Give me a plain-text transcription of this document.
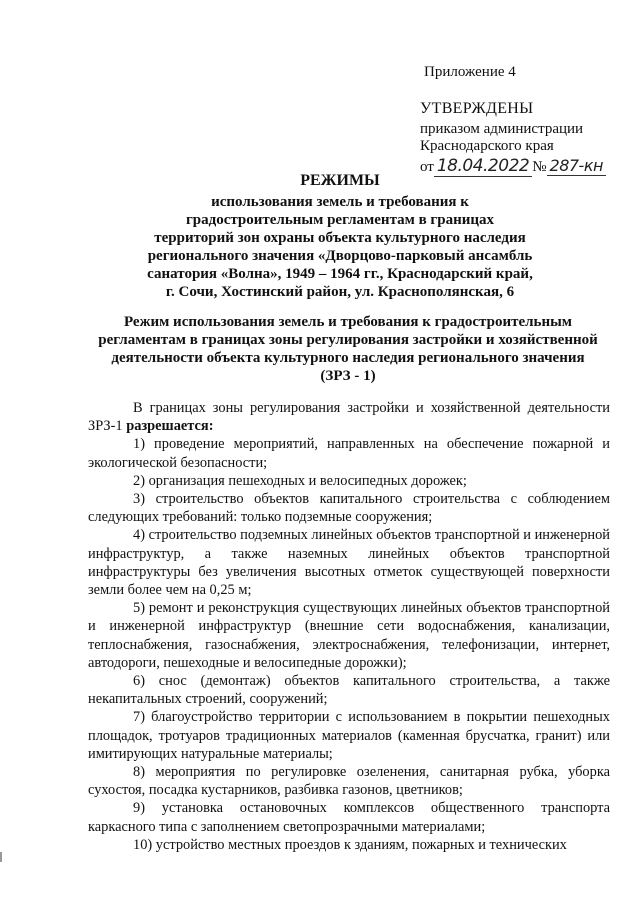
Приложение 4
УТВЕРЖДЕНЫ
приказом администрации
Краснодарского края
от 18.04.2022 № 287-кн
РЕЖИМЫ
использования земель и требования к
градостроительным регламентам в границах
территорий зон охраны объекта культурного наследия
регионального значения «Дворцово-парковый ансамбль
санатория «Волна», 1949 – 1964 гг., Краснодарский край,
г. Сочи, Хостинский район, ул. Краснополянская, 6
Режим использования земель и требования к градостроительным
регламентам в границах зоны регулирования застройки и хозяйственной
деятельности объекта культурного наследия регионального значения
(ЗРЗ - 1)

В границах зоны регулирования застройки и хозяйственной деятельности ЗРЗ-1 разрешается:

1) проведение мероприятий, направленных на обеспечение пожарной и экологической безопасности;

2) организация пешеходных и велосипедных дорожек;

3) строительство объектов капитального строительства с соблюдением следующих требований: только подземные сооружения;

4) строительство подземных линейных объектов транспортной и инженерной инфраструктур, а также наземных линейных объектов транспортной инфраструктуры без увеличения высотных отметок существующей поверхности земли более чем на 0,25 м;

5) ремонт и реконструкция существующих линейных объектов транспортной и инженерной инфраструктур (внешние сети водоснабжения, канализации, теплоснабжения, газоснабжения, электроснабжения, телефонизации, интернет, автодороги, пешеходные и велосипедные дорожки);

6) снос (демонтаж) объектов капитального строительства, а также некапитальных строений, сооружений;

7) благоустройство территории с использованием в покрытии пешеходных площадок, тротуаров традиционных материалов (каменная брусчатка, гранит) или имитирующих натуральные материалы;

8) мероприятия по регулировке озеленения, санитарная рубка, уборка сухостоя, посадка кустарников, разбивка газонов, цветников;

9) установка остановочных комплексов общественного транспорта каркасного типа с заполнением светопрозрачными материалами;

10) устройство местных проездов к зданиям, пожарных и технических
